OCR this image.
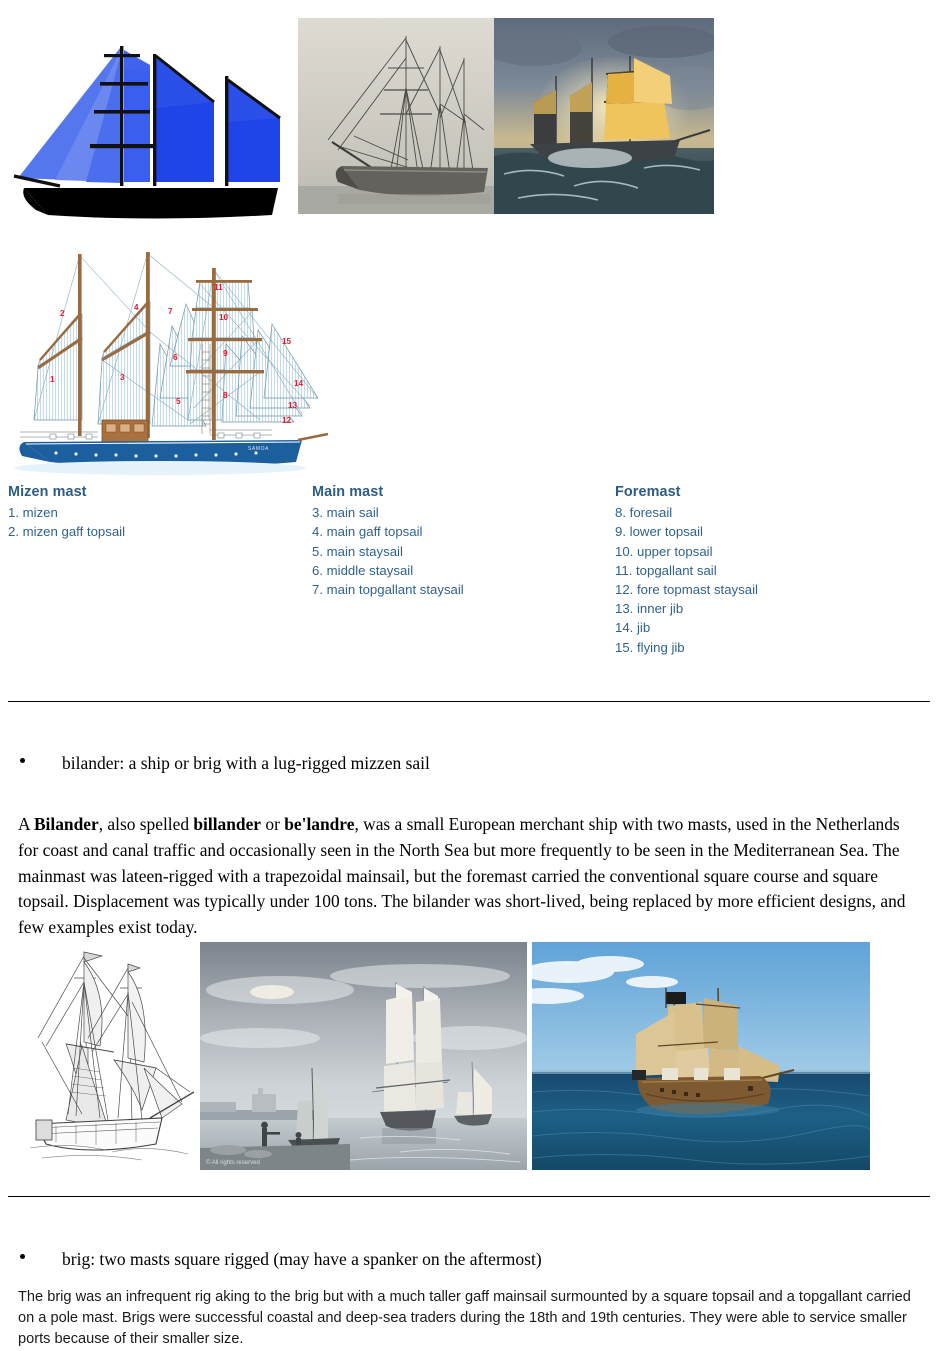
SAMOA
1
2
3
4
5
6
7
8
9
10
11
12
13
14
15
Mizen mast
1. mizen
2. mizen gaff topsail
Main mast
3. main sail
4. main gaff topsail
5. main staysail
6. middle staysail
7. main topgallant staysail
Foremast
8. foresail
9. lower topsail
10. upper topsail
11. topgallant sail
12. fore topmast staysail
13. inner jib
14. jib
15. flying jib
bilander: a ship or brig with a lug-rigged mizzen sail

A Bilander, also spelled billander or be'landre, was a small European merchant ship with two masts, used in the Netherlands for coast and canal traffic and occasionally seen in the North Sea but more frequently to be seen in the Mediterranean Sea. The mainmast was lateen-rigged with a trapezoidal mainsail, but the foremast carried the conventional square course and square topsail. Displacement was typically under 100 tons. The bilander was short-lived, being replaced by more efficient designs, and few examples exist today.

© All rights reserved
brig: two masts square rigged (may have a spanker on the aftermost)

The brig was an infrequent rig aking to the brig but with a much taller gaff mainsail surmounted by a square topsail and a topgallant carried on a pole mast. Brigs were successful coastal and deep-sea traders during the 18th and 19th centuries. They were able to service smaller ports because of their smaller size.
